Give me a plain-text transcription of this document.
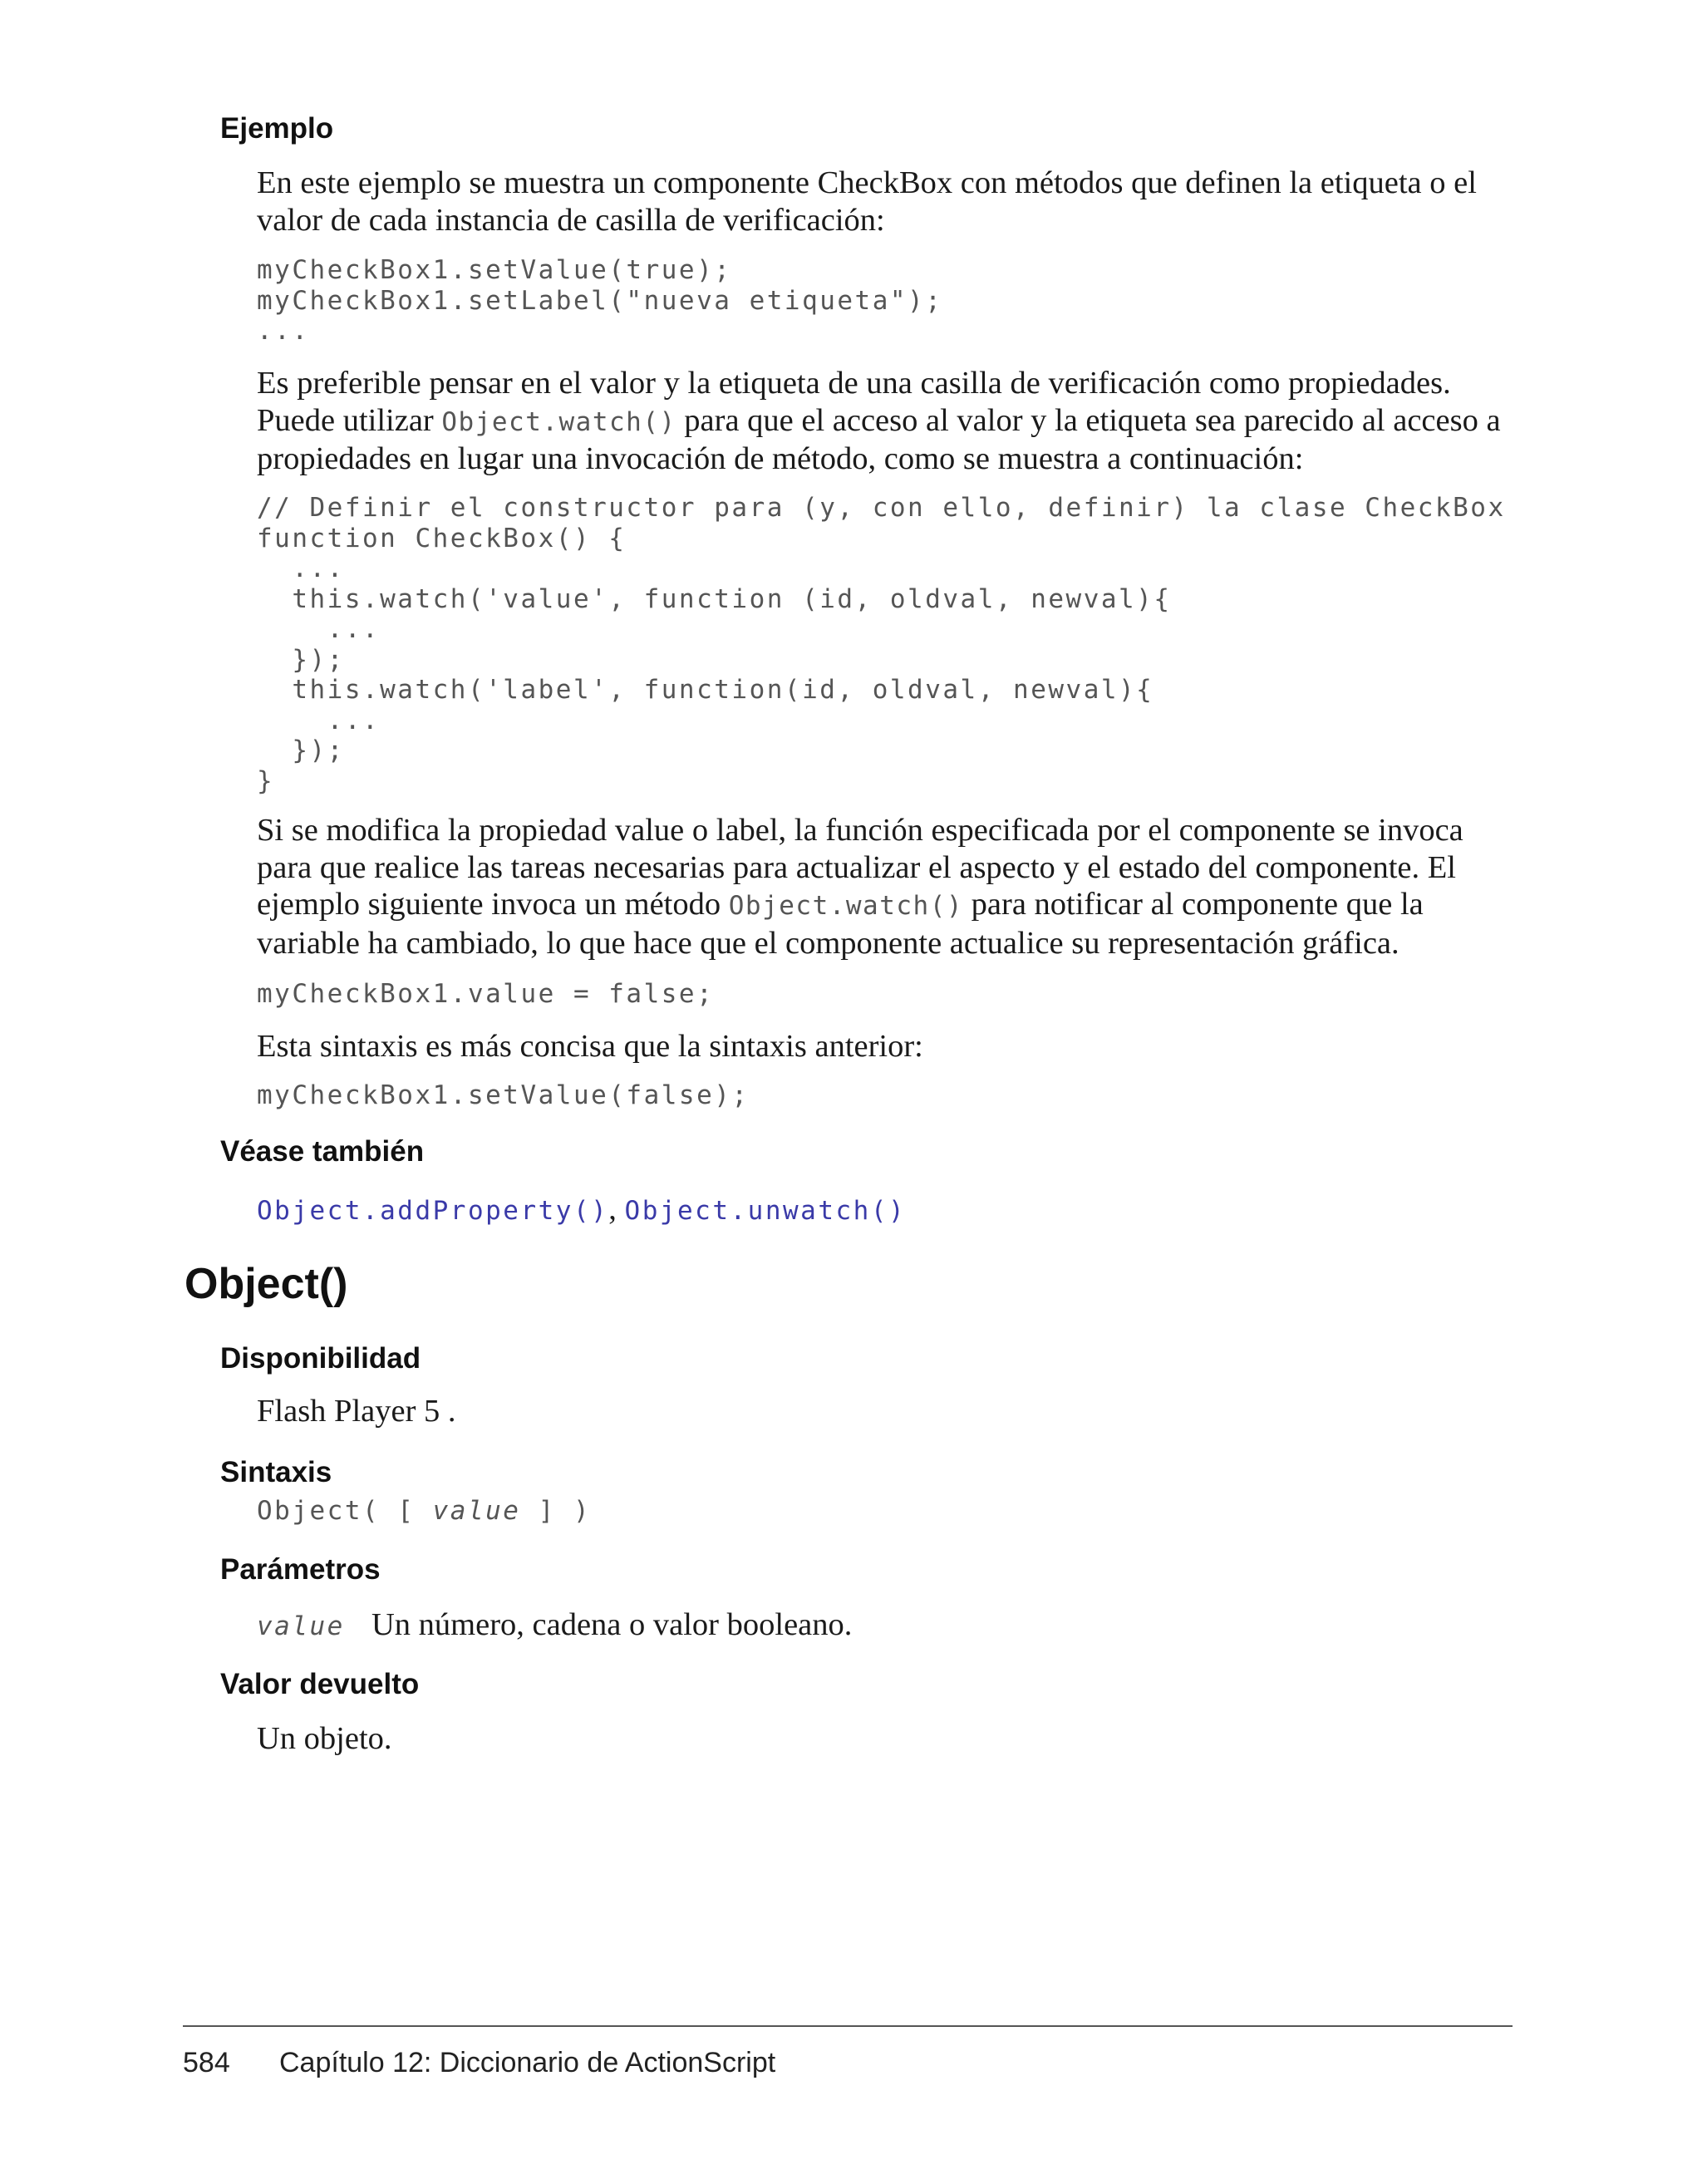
Ejemplo

En este ejemplo se muestra un componente CheckBox con métodos que definen la etiqueta o el valor de cada instancia de casilla de verificación:

myCheckBox1.setValue(true);
myCheckBox1.setLabel("nueva etiqueta");
...

Es preferible pensar en el valor y la etiqueta de una casilla de verificación como propiedades. Puede utilizar Object.watch() para que el acceso al valor y la etiqueta sea parecido al acceso a propiedades en lugar una invocación de método, como se muestra a continuación:

// Definir el constructor para (y, con ello, definir) la clase CheckBox
function CheckBox() {
...
this.watch('value', function (id, oldval, newval){
...
});
this.watch('label', function(id, oldval, newval){
...
});
}

Si se modifica la propiedad value o label, la función especificada por el componente se invoca para que realice las tareas necesarias para actualizar el aspecto y el estado del componente. El ejemplo siguiente invoca un método Object.watch() para notificar al componente que la variable ha cambiado, lo que hace que el componente actualice su representación gráfica.

myCheckBox1.value = false;

Esta sintaxis es más concisa que la sintaxis anterior:

myCheckBox1.setValue(false);
Véase también

Object.addProperty(), Object.unwatch()

Object()
Disponibilidad

Flash Player 5 .

Sintaxis
Object( [ value ] )
Parámetros

value Un número, cadena o valor booleano.

Valor devuelto

Un objeto.

584 Capítulo 12: Diccionario de ActionScript
